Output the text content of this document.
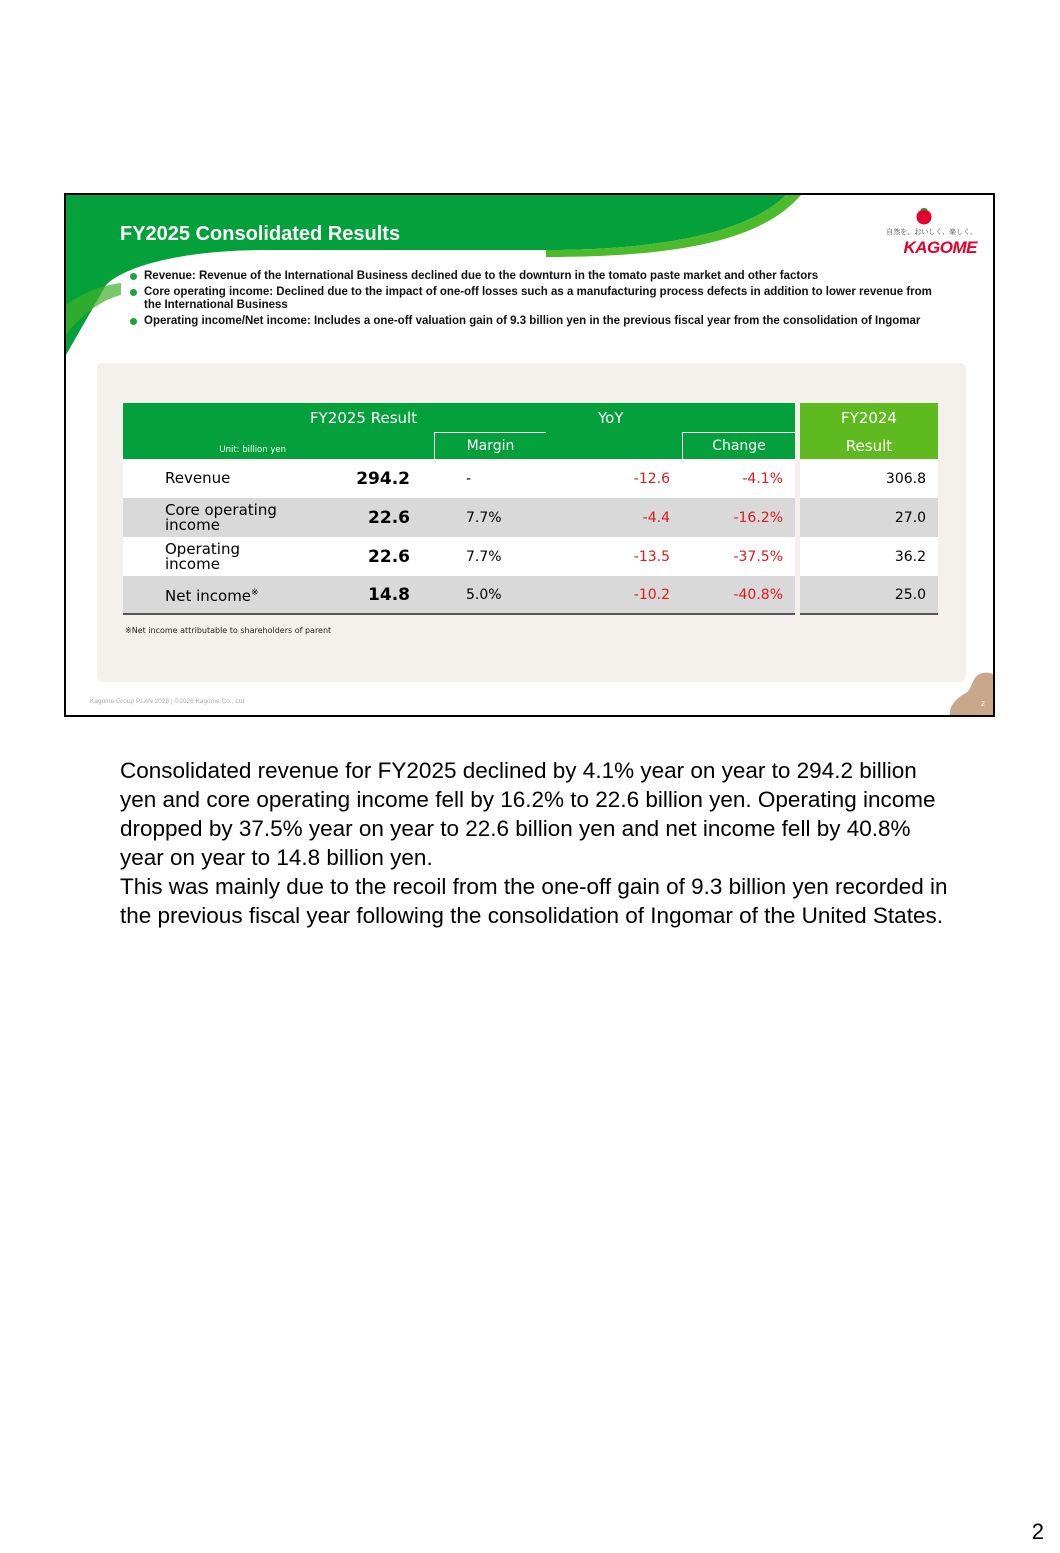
FY2025 Consolidated Results	自然を、おいしく、楽しく。
KAGOME
Revenue: Revenue of the International Business declined due to the downturn in the tomato paste market and other factors
Core operating income: Declined due to the impact of one-off losses such as a manufacturing process defects in addition to lower revenue from the International Business
Operating income/Net income: Includes a one-off valuation gain of 9.3 billion yen in the previous fiscal year from the consolidation of Ingomar
Unit: billion yen	FY2025 Result		YoY			FY2024
		Margin		Change		Result
Revenue	294.2	-	-12.6	-4.1%		306.8
Core operating
income	22.6	7.7%	-4.4	-16.2%		27.0
Operating
income	22.6	7.7%	-13.5	-37.5%		36.2
Net income※	14.8	5.0%	-10.2	-40.8%		25.0
※Net income attributable to shareholders of parent
Kagome Group PLAN 2028 | ©2026 Kagome Co., Ltd	2

Consolidated revenue for FY2025 declined by 4.1% year on year to 294.2 billion yen and core operating income fell by 16.2% to 22.6 billion yen. Operating income dropped by 37.5% year on year to 22.6 billion yen and net income fell by 40.8% year on year to 14.8 billion yen.

This was mainly due to the recoil from the one-off gain of 9.3 billion yen recorded in the previous fiscal year following the consolidation of Ingomar of the United States.

2
